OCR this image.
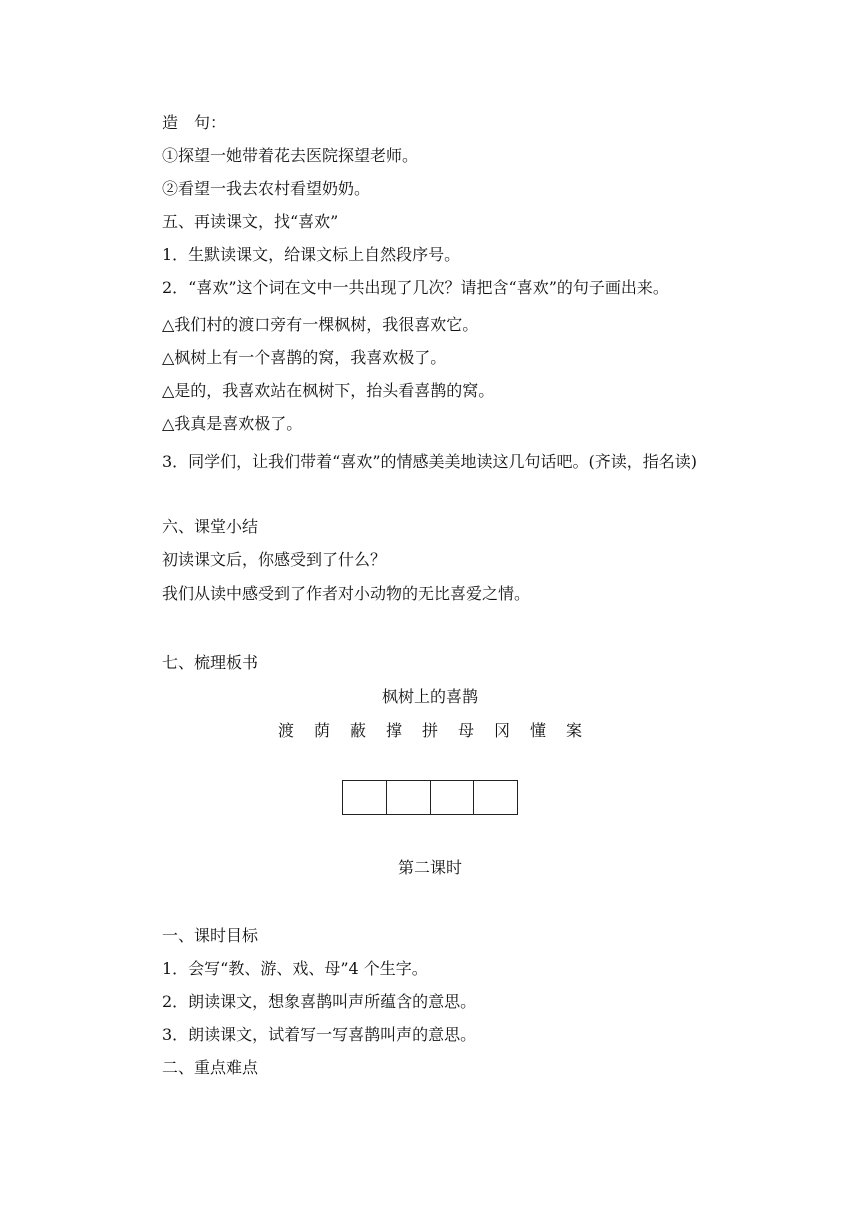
造　句：
①探望一她带着花去医院探望老师。
②看望一我去农村看望奶奶。
五、再读课文，找“喜欢”
1．生默读课文，给课文标上自然段序号。
2．“喜欢”这个词在文中一共出现了几次？请把含“喜欢”的句子画出来。
△我们村的渡口旁有一棵枫树，我很喜欢它。
△枫树上有一个喜鹊的窝，我喜欢极了。
△是的，我喜欢站在枫树下，抬头看喜鹊的窝。
△我真是喜欢极了。
3．同学们，让我们带着“喜欢”的情感美美地读这几句话吧。(齐读，指名读)
六、课堂小结
初读课文后，你感受到了什么？
我们从读中感受到了作者对小动物的无比喜爱之情。
七、梳理板书
枫树上的喜鹊
渡	荫	蔽	撑	拼	母	冈	懂	案
第二课时
一、课时目标
1．会写“教、游、戏、母”4 个生字。
2．朗读课文，想象喜鹊叫声所蕴含的意思。
3．朗读课文，试着写一写喜鹊叫声的意思。
二、重点难点
